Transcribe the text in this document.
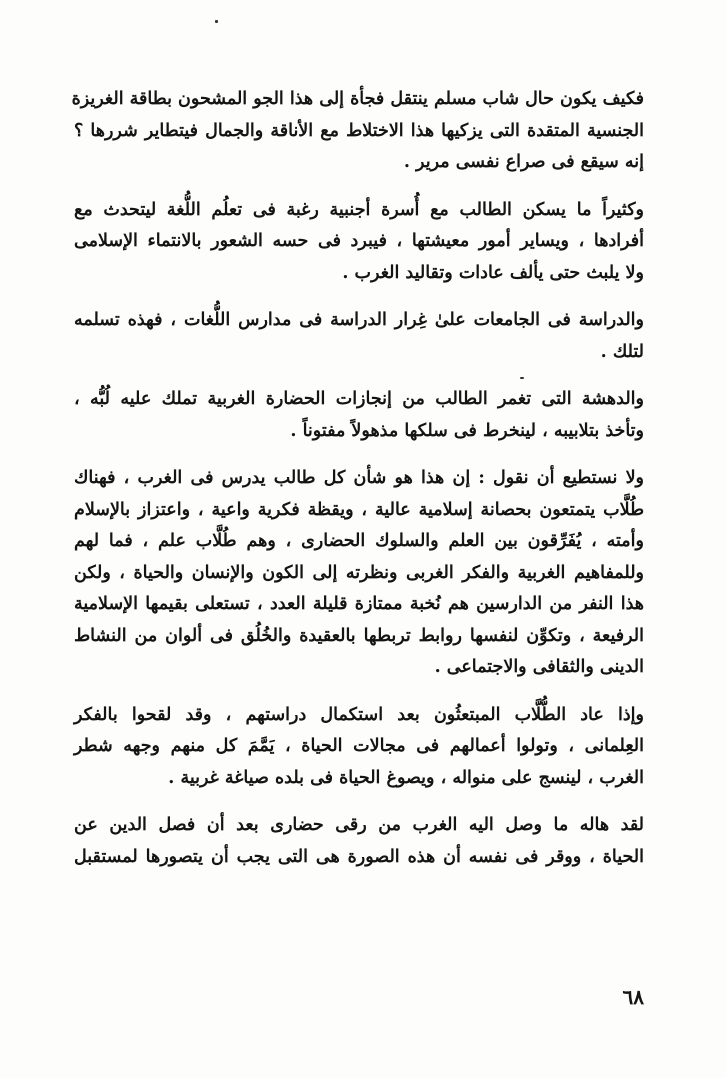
فكيف يكون حال شاب مسلم ينتقل فجأة إلى هذا الجو المشحون بطاقة الغريزة
الجنسية المتقدة التى يزكيها هذا الاختلاط مع الأناقة والجمال فيتطاير شررها ؟
إنه سيقع فى صراع نفسى مرير .
وكثيراً ما يسكن الطالب مع أُسرة أجنبية رغبة فى تعلُم اللُّغة ليتحدث مع
أفرادها ، ويساير أمور معيشتها ، فيبرد فى حسه الشعور بالانتماء الإسلامى
ولا يلبث حتى يألف عادات وتقاليد الغرب .
والدراسة فى الجامعات علىٰ غِرار الدراسة فى مدارس اللُّغات ، فهذه تسلمه
لتلك .
والدهشة التى تغمر الطالب من إنجازات الحضارة الغربية تملك عليه لُبُّه ،
وتأخذ بتلابيبه ، لينخرط فى سلكها مذهولاً مفتوناً .
ولا نستطيع أن نقول : إن هذا هو شأن كل طالب يدرس فى الغرب ، فهناك
طُلَّاب يتمتعون بحصانة إسلامية عالية ، ويقظة فكرية واعية ، واعتزاز بالإسلام
وأمته ، يُفَرِّقون بين العلم والسلوك الحضارى ، وهم طُلَّاب علم ، فما لهم
وللمفاهيم الغربية والفكر الغربى ونظرته إلى الكون والإنسان والحياة ، ولكن
هذا النفر من الدارسين هم نُخبة ممتازة قليلة العدد ، تستعلى بقيمها الإسلامية
الرفيعة ، وتكوِّن لنفسها روابط تربطها بالعقيدة والخُلُق فى ألوان من النشاط
الدينى والثقافى والاجتماعى .
وإذا عاد الطُّلَّاب المبتعثُون بعد استكمال دراستهم ، وقد لقحوا بالفكر
العِلمانى ، وتولوا أعمالهم فى مجالات الحياة ، يَمَّمَ كل منهم وجهه شطر
الغرب ، لينسج على منواله ، ويصوغ الحياة فى بلده صياغة غربية .
لقد هاله ما وصل اليه الغرب من رقى حضارى بعد أن فصل الدين عن
الحياة ، ووقر فى نفسه أن هذه الصورة هى التى يجب أن يتصورها لمستقبل
٦٨
